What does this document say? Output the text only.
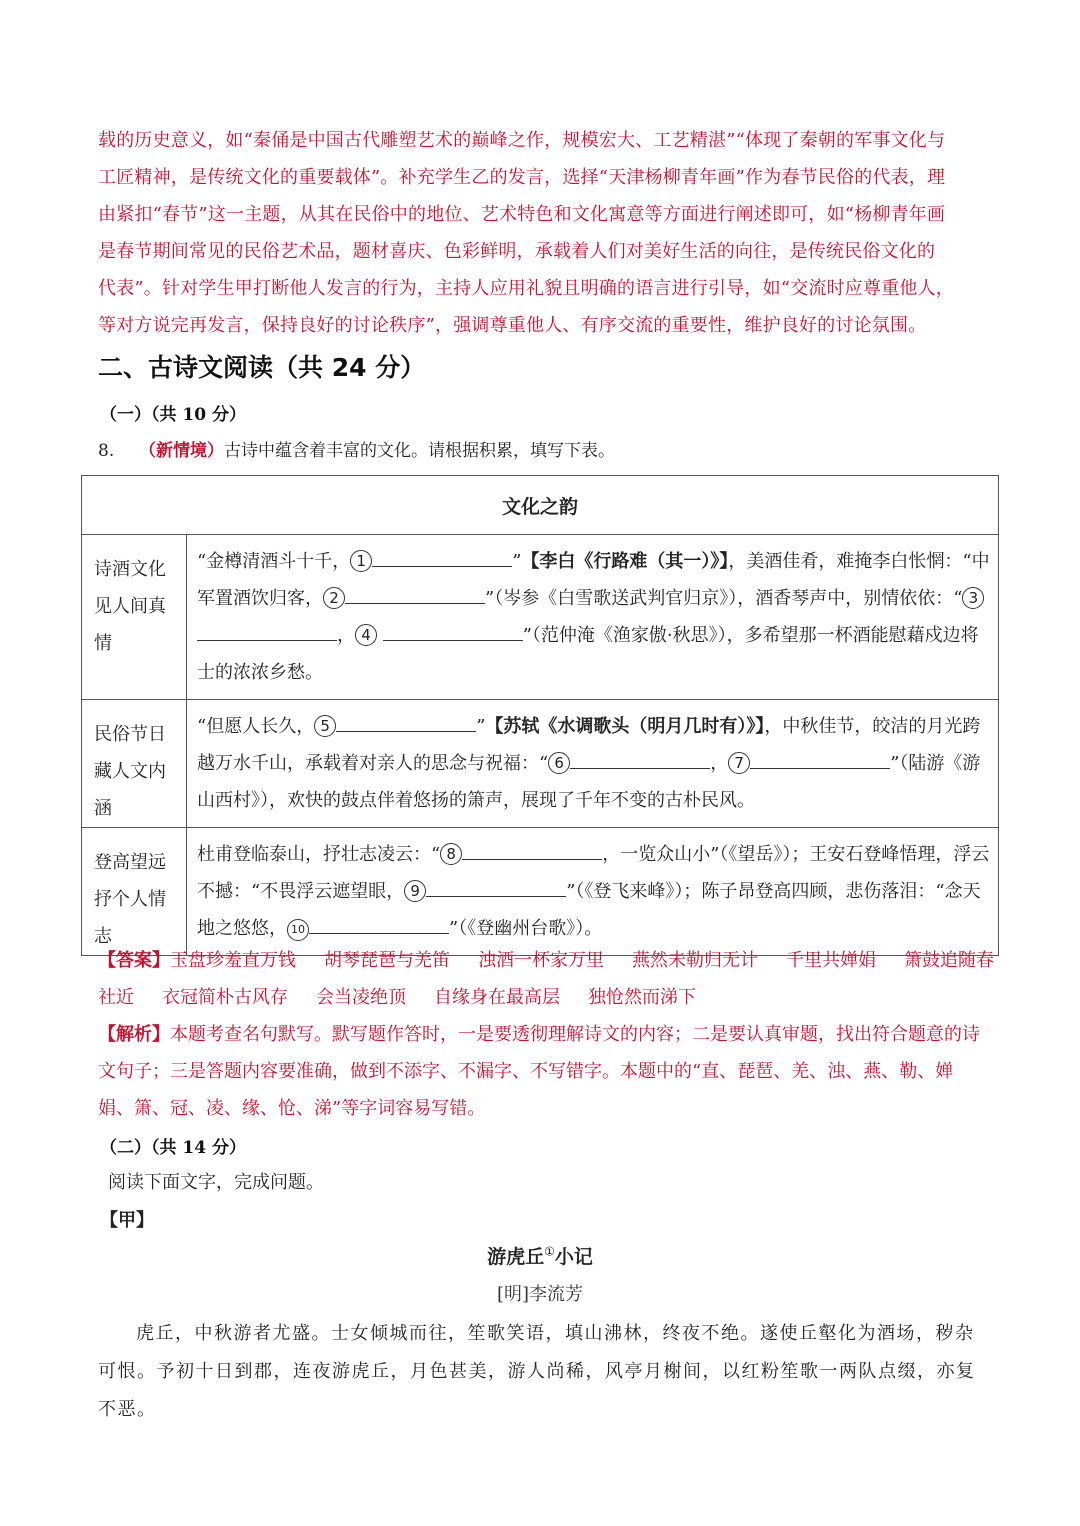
载的历史意义，如“秦俑是中国古代雕塑艺术的巅峰之作，规模宏大、工艺精湛”“体现了秦朝的军事文化与
工匠精神，是传统文化的重要载体”。补充学生乙的发言，选择“天津杨柳青年画”作为春节民俗的代表，理
由紧扣“春节”这一主题，从其在民俗中的地位、艺术特色和文化寓意等方面进行阐述即可，如“杨柳青年画
是春节期间常见的民俗艺术品，题材喜庆、色彩鲜明，承载着人们对美好生活的向往，是传统民俗文化的
代表”。针对学生甲打断他人发言的行为，主持人应用礼貌且明确的语言进行引导，如“交流时应尊重他人，
等对方说完再发言，保持良好的讨论秩序”，强调尊重他人、有序交流的重要性，维护良好的讨论氛围。
二、古诗文阅读（共 24 分）
（一）（共 10 分）
8. （新情境）古诗中蕴含着丰富的文化。请根据积累，填写下表。
文化之韵	
诗酒文化见人间真情	“金樽清酒斗十千， 1 ”【李白《行路难（其一）》】，美酒佳肴，难掩李白怅惘：“中军置酒饮归客， 2 ”（岑参《白雪歌送武判官归京》），酒香琴声中，别情依依：“ 3， 4 ”（范仲淹《渔家傲·秋思》），多希望那一杯酒能慰藉戍边将士的浓浓乡愁。
民俗节日藏人文内涵	“但愿人长久， 5 ”【苏轼《水调歌头（明月几时有）》】，中秋佳节，皎洁的月光跨越万水千山，承载着对亲人的思念与祝福：“ 6 ， 7 ”（陆游《游山西村》），欢快的鼓点伴着悠扬的箫声，展现了千年不变的古朴民风。
登高望远抒个人情志	杜甫登临泰山，抒壮志凌云：“ 8 ，一览众山小”（《望岳》）；王安石登峰悟理，浮云不撼：“不畏浮云遮望眼， 9 ”（《登飞来峰》）；陈子昂登高四顾，悲伤落泪：“念天地之悠悠， 10 ”（《登幽州台歌》）。
【答案】玉盘珍羞直万钱 胡琴琵琶与羌笛 浊酒一杯家万里 燕然未勒归无计 千里共婵娟 箫鼓追随春社近 衣冠简朴古风存 会当凌绝顶 自缘身在最高层 独怆然而涕下
【解析】本题考查名句默写。默写题作答时，一是要透彻理解诗文的内容；二是要认真审题，找出符合题意的诗文句子；三是答题内容要准确，做到不添字、不漏字、不写错字。本题中的“直、琵琶、羌、浊、燕、勒、婵娟、箫、冠、凌、缘、怆、涕”等字词容易写错。
（二）（共 14 分）
阅读下面文字，完成问题。
【甲】
游虎丘①小记
[明]李流芳
虎丘，中秋游者尤盛。士女倾城而往，笙歌笑语，填山沸林，终夜不绝。遂使丘壑化为酒场，秽杂可恨。予初十日到郡，连夜游虎丘，月色甚美，游人尚稀，风亭月榭间，以红粉笙歌一两队点缀，亦复不恶。
